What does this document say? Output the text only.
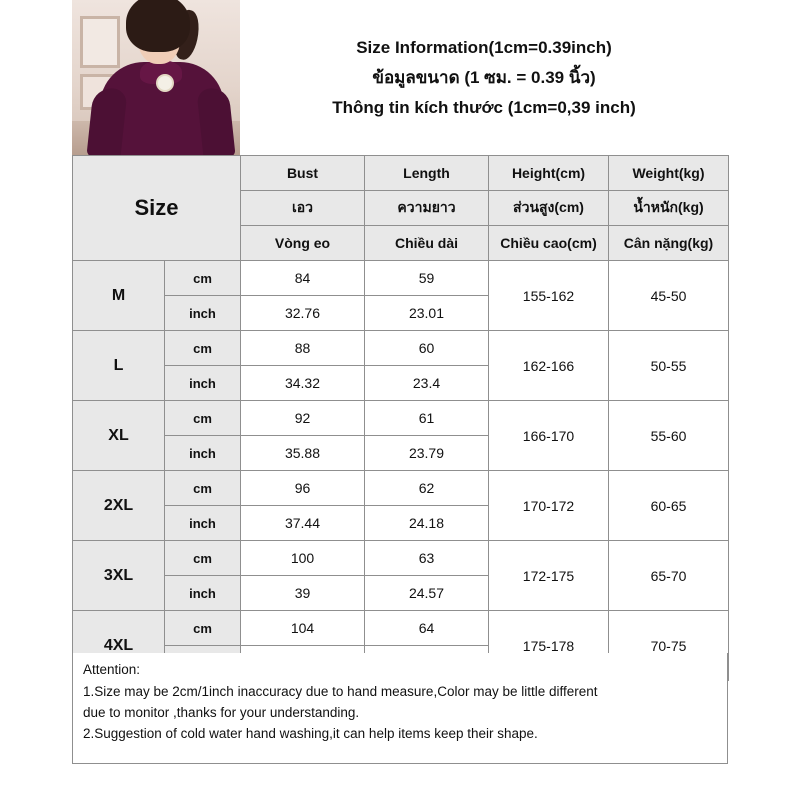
Size Information(1cm=0.39inch)
ข้อมูลขนาด (1 ซม. = 0.39 นิ้ว)
Thông tin kích thước (1cm=0,39 inch)
Size		Bust	Length	Height(cm)	Weight(kg)
		เอว	ความยาว	ส่วนสูง(cm)	น้ำหนัก(kg)
		Vòng eo	Chiều dài	Chiều cao(cm)	Cân nặng(kg)
M	cm	84	59	155-162	45-50
	inch	32.76	23.01		
L	cm	88	60	162-166	50-55
	inch	34.32	23.4		
XL	cm	92	61	166-170	55-60
	inch	35.88	23.79		
2XL	cm	96	62	170-172	60-65
	inch	37.44	24.18		
3XL	cm	100	63	172-175	65-70
	inch	39	24.57		
4XL	cm	104	64	175-178	70-75

Attention:

1.Size may be 2cm/1inch inaccuracy due to hand measure,Color may be little different

due to monitor ,thanks for your understanding.

2.Suggestion of cold water hand washing,it can help items keep their shape.
